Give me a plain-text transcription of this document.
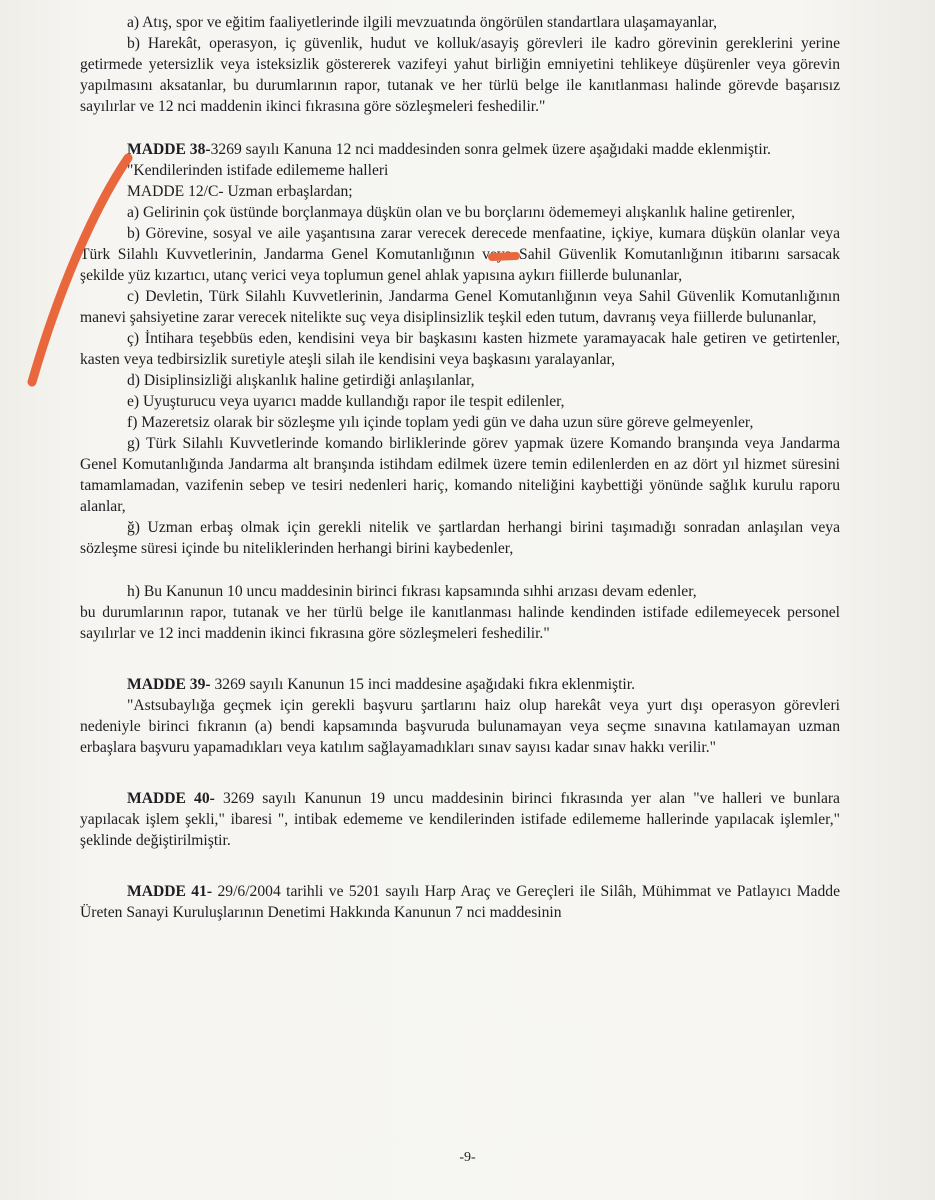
a) Atış, spor ve eğitim faaliyetlerinde ilgili mevzuatında öngörülen standartlara ulaşamayanlar,

b) Harekât, operasyon, iç güvenlik, hudut ve kolluk/asayiş görevleri ile kadro görevinin gereklerini yerine getirmede yetersizlik veya isteksizlik göstererek vazifeyi yahut birliğin emniyetini tehlikeye düşürenler veya görevin yapılmasını aksatanlar, bu durumlarının rapor, tutanak ve her türlü belge ile kanıtlanması halinde görevde başarısız sayılırlar ve 12 nci maddenin ikinci fıkrasına göre sözleşmeleri feshedilir."

MADDE 38-3269 sayılı Kanuna 12 nci maddesinden sonra gelmek üzere aşağıdaki madde eklenmiştir.

"Kendilerinden istifade edilememe halleri

MADDE 12/C- Uzman erbaşlardan;

a) Gelirinin çok üstünde borçlanmaya düşkün olan ve bu borçlarını ödememeyi alışkanlık haline getirenler,

b) Görevine, sosyal ve aile yaşantısına zarar verecek derecede menfaatine, içkiye, kumara düşkün olanlar veya Türk Silahlı Kuvvetlerinin, Jandarma Genel Komutanlığının veya Sahil Güvenlik Komutanlığının itibarını sarsacak şekilde yüz kızartıcı, utanç verici veya toplumun genel ahlak yapısına aykırı fiillerde bulunanlar,

c) Devletin, Türk Silahlı Kuvvetlerinin, Jandarma Genel Komutanlığının veya Sahil Güvenlik Komutanlığının manevi şahsiyetine zarar verecek nitelikte suç veya disiplinsizlik teşkil eden tutum, davranış veya fiillerde bulunanlar,

ç) İntihara teşebbüs eden, kendisini veya bir başkasını kasten hizmete yaramayacak hale getiren ve getirtenler, kasten veya tedbirsizlik suretiyle ateşli silah ile kendisini veya başkasını yaralayanlar,

d) Disiplinsizliği alışkanlık haline getirdiği anlaşılanlar,

e) Uyuşturucu veya uyarıcı madde kullandığı rapor ile tespit edilenler,

f) Mazeretsiz olarak bir sözleşme yılı içinde toplam yedi gün ve daha uzun süre göreve gelmeyenler,

g) Türk Silahlı Kuvvetlerinde komando birliklerinde görev yapmak üzere Komando branşında veya Jandarma Genel Komutanlığında Jandarma alt branşında istihdam edilmek üzere temin edilenlerden en az dört yıl hizmet süresini tamamlamadan, vazifenin sebep ve tesiri nedenleri hariç, komando niteliğini kaybettiği yönünde sağlık kurulu raporu alanlar,

ğ) Uzman erbaş olmak için gerekli nitelik ve şartlardan herhangi birini taşımadığı sonradan anlaşılan veya sözleşme süresi içinde bu niteliklerinden herhangi birini kaybedenler,

h) Bu Kanunun 10 uncu maddesinin birinci fıkrası kapsamında sıhhi arızası devam edenler,

bu durumlarının rapor, tutanak ve her türlü belge ile kanıtlanması halinde kendinden istifade edilemeyecek personel sayılırlar ve 12 inci maddenin ikinci fıkrasına göre sözleşmeleri feshedilir."

MADDE 39- 3269 sayılı Kanunun 15 inci maddesine aşağıdaki fıkra eklenmiştir.

"Astsubaylığa geçmek için gerekli başvuru şartlarını haiz olup harekât veya yurt dışı operasyon görevleri nedeniyle birinci fıkranın (a) bendi kapsamında başvuruda bulunamayan veya seçme sınavına katılamayan uzman erbaşlara başvuru yapamadıkları veya katılım sağlayamadıkları sınav sayısı kadar sınav hakkı verilir."

MADDE 40- 3269 sayılı Kanunun 19 uncu maddesinin birinci fıkrasında yer alan "ve halleri ve bunlara yapılacak işlem şekli," ibaresi ", intibak edememe ve kendilerinden istifade edilememe hallerinde yapılacak işlemler," şeklinde değiştirilmiştir.

MADDE 41- 29/6/2004 tarihli ve 5201 sayılı Harp Araç ve Gereçleri ile Silâh, Mühimmat ve Patlayıcı Madde Üreten Sanayi Kuruluşlarının Denetimi Hakkında Kanunun 7 nci maddesinin

-9-
